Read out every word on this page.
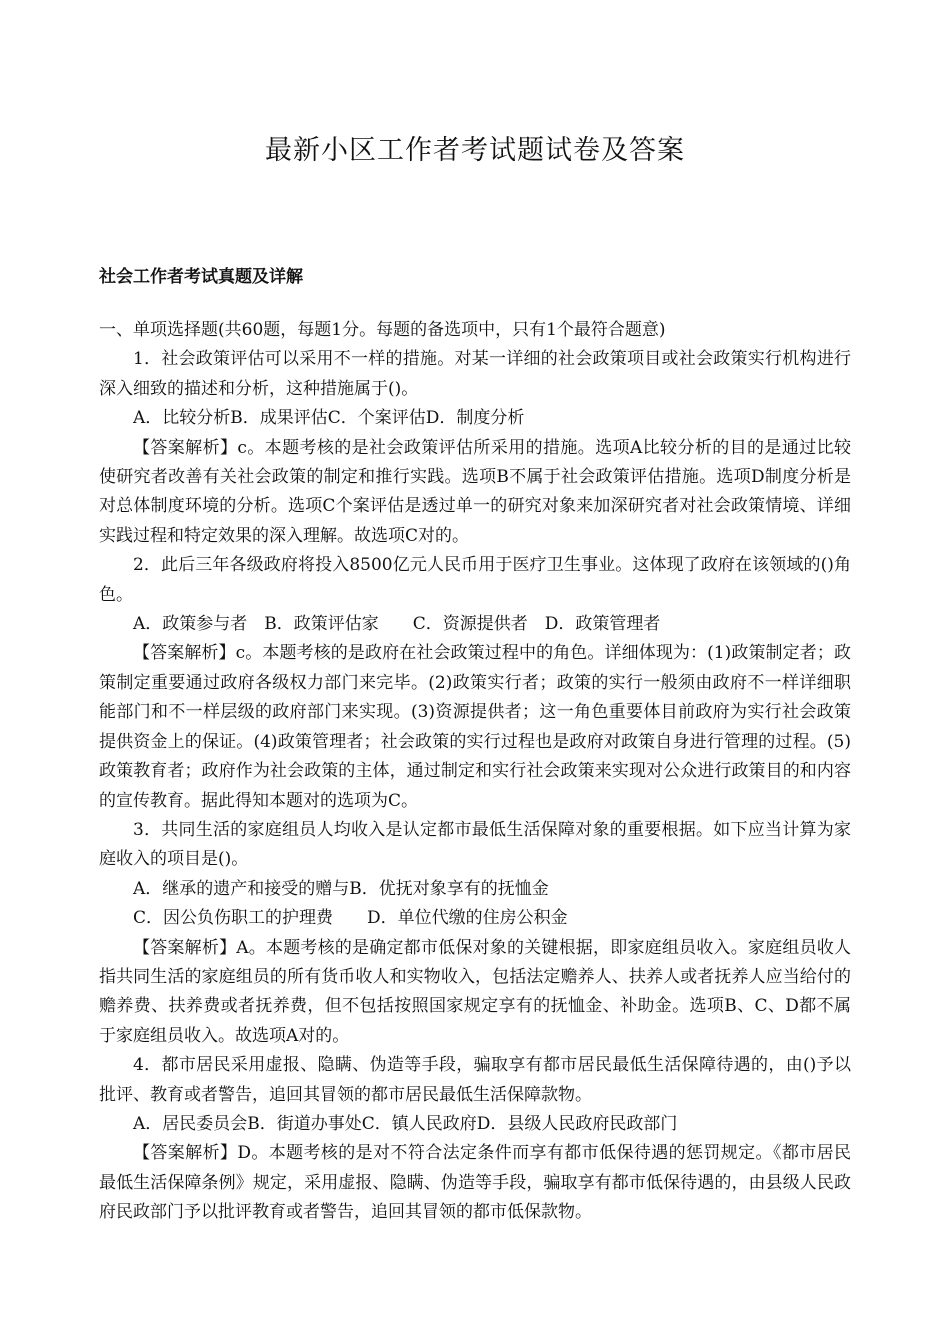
最新小区工作者考试题试卷及答案
社会工作者考试真题及详解

一、单项选择题(共60题，每题1分。每题的备选项中，只有1个最符合题意)

1．社会政策评估可以采用不一样的措施。对某一详细的社会政策项目或社会政策实行机构进行深入细致的描述和分析，这种措施属于()。

A．比较分析B．成果评估C．个案评估D．制度分析

【答案解析】c。本题考核的是社会政策评估所采用的措施。选项A比较分析的目的是通过比较使研究者改善有关社会政策的制定和推行实践。选项B不属于社会政策评估措施。选项D制度分析是对总体制度环境的分析。选项C个案评估是透过单一的研究对象来加深研究者对社会政策情境、详细实践过程和特定效果的深入理解。故选项C对的。

2．此后三年各级政府将投入8500亿元人民币用于医疗卫生事业。这体现了政府在该领域的()角色。

A．政策参与者　B．政策评估家　　C．资源提供者　D．政策管理者

【答案解析】c。本题考核的是政府在社会政策过程中的角色。详细体现为：(1)政策制定者；政策制定重要通过政府各级权力部门来完毕。(2)政策实行者；政策的实行一般须由政府不一样详细职能部门和不一样层级的政府部门来实现。(3)资源提供者；这一角色重要体目前政府为实行社会政策提供资金上的保证。(4)政策管理者；社会政策的实行过程也是政府对政策自身进行管理的过程。(5)政策教育者；政府作为社会政策的主体，通过制定和实行社会政策来实现对公众进行政策目的和内容的宣传教育。据此得知本题对的选项为C。

3．共同生活的家庭组员人均收入是认定都市最低生活保障对象的重要根据。如下应当计算为家庭收入的项目是()。

A．继承的遗产和接受的赠与B．优抚对象享有的抚恤金

C．因公负伤职工的护理费　　D．单位代缴的住房公积金

【答案解析】A。本题考核的是确定都市低保对象的关键根据，即家庭组员收入。家庭组员收人指共同生活的家庭组员的所有货币收人和实物收入，包括法定赡养人、扶养人或者抚养人应当给付的赡养费、扶养费或者抚养费，但不包括按照国家规定享有的抚恤金、补助金。选项B、C、D都不属于家庭组员收入。故选项A对的。

4．都市居民采用虚报、隐瞒、伪造等手段，骗取享有都市居民最低生活保障待遇的，由()予以批评、教育或者警告，追回其冒领的都市居民最低生活保障款物。

A．居民委员会B．街道办事处C．镇人民政府D．县级人民政府民政部门

【答案解析】D。本题考核的是对不符合法定条件而享有都市低保待遇的惩罚规定。《都市居民最低生活保障条例》规定，采用虚报、隐瞒、伪造等手段，骗取享有都市低保待遇的，由县级人民政府民政部门予以批评教育或者警告，追回其冒领的都市低保款物。
